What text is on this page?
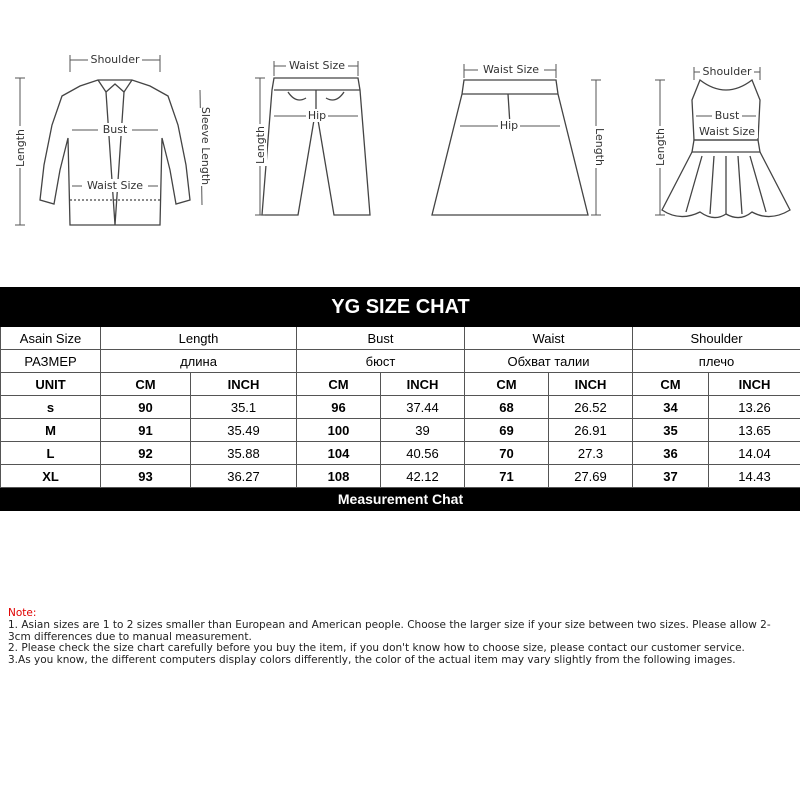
Shoulder
Bust
Waist Size
Length	Sleeve Length
Waist Size
Hip
Length
Waist Size
Hip
Length
Shoulder
Bust
Waist Size
Length
YG SIZE CHAT								
Asain Size	Length		Bust		Waist		Shoulder	
РАЗМЕР	длина		бюст		Обхват талии		плечо	
UNIT	CM	INCH	CM	INCH	CM	INCH	CM	INCH
s	90	35.1	96	37.44	68	26.52	34	13.26
M	91	35.49	100	39	69	26.91	35	13.65
L	92	35.88	104	40.56	70	27.3	36	14.04
XL	93	36.27	108	42.12	71	27.69	37	14.43
Measurement Chat								

Note:

1. Asian sizes are 1 to 2 sizes smaller than European and American people. Choose the larger size if your size between two sizes. Please allow 2-3cm differences due to manual measurement.

2. Please check the size chart carefully before you buy the item, if you don't know how to choose size, please contact our customer service.

3.As you know, the different computers display colors differently, the color of the actual item may vary slightly from the following images.
